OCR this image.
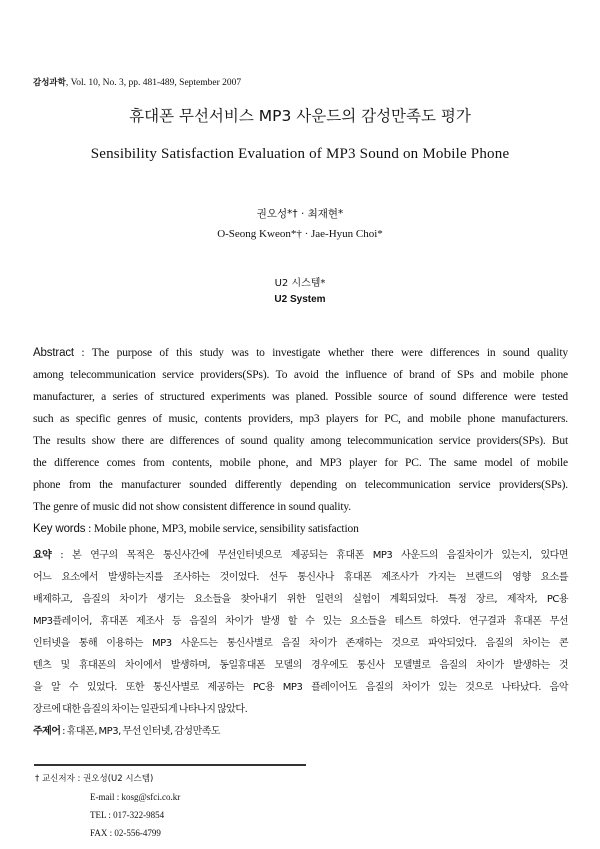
감성과학, Vol. 10, No. 3, pp. 481-489, September 2007
휴대폰 무선서비스 MP3 사운드의 감성만족도 평가
Sensibility Satisfaction Evaluation of MP3 Sound on Mobile Phone
권오성*† · 최재현*
O-Seong Kweon*† · Jae-Hyun Choi*
U2 시스템*
U2 System
Abstract : The purpose of this study was to investigate whether there were differences in sound quality
among telecommunication service providers(SPs). To avoid the influence of brand of SPs and mobile phone
manufacturer, a series of structured experiments was planed. Possible source of sound difference were tested
such as specific genres of music, contents providers, mp3 players for PC, and mobile phone manufacturers.
The results show there are differences of sound quality among telecommunication service providers(SPs). But
the difference comes from contents, mobile phone, and MP3 player for PC. The same model of mobile
phone from the manufacturer sounded differently depending on telecommunication service providers(SPs).
The genre of music did not show consistent difference in sound quality.
Key words : Mobile phone, MP3, mobile service, sensibility satisfaction
요약 : 본 연구의 목적은 통신사간에 무선인터넷으로 제공되는 휴대폰 MP3 사운드의 음질차이가 있는지, 있다면
어느 요소에서 발생하는지를 조사하는 것이었다. 선두 통신사나 휴대폰 제조사가 가지는 브랜드의 영향 요소를
배제하고, 음질의 차이가 생기는 요소들을 찾아내기 위한 일련의 실험이 계획되었다. 특정 장르, 제작자, PC용
MP3플레이어, 휴대폰 제조사 등 음질의 차이가 발생 할 수 있는 요소들을 테스트 하였다. 연구결과 휴대폰 무선
인터넷을 통해 이용하는 MP3 사운드는 통신사별로 음질 차이가 존재하는 것으로 파악되었다. 음질의 차이는 콘
텐츠 및 휴대폰의 차이에서 발생하며, 동일휴대폰 모델의 경우에도 통신사 모델별로 음질의 차이가 발생하는 것
을 알 수 있었다. 또한 통신사별로 제공하는 PC용 MP3 플레이어도 음질의 차이가 있는 것으로 나타났다. 음악
장르에 대한 음질의 차이는 일관되게 나타나지 않았다.
주제어 : 휴대폰, MP3, 무선 인터넷, 감성만족도
† 교신저자 : 권오성(U2 시스템)
E-mail : kosg@sfci.co.kr
TEL : 017-322-9854
FAX : 02-556-4799
